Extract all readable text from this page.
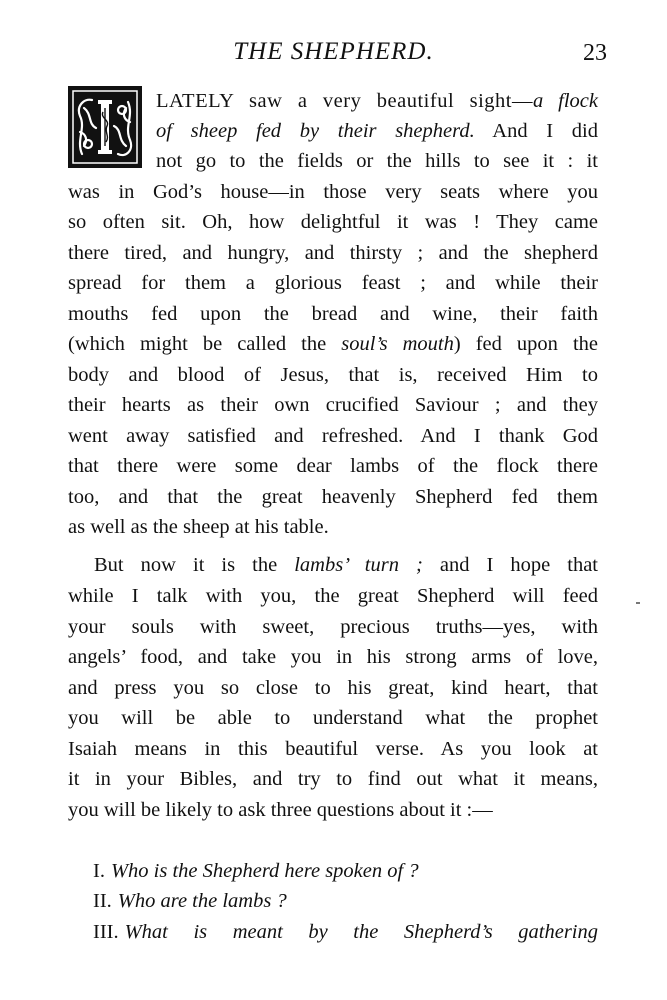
THE SHEPHERD.	23
LATELY saw a very beautiful sight—a flock
of sheep fed by their shepherd. And I did
not go to the fields or the hills to see it : it
was in God’s house—in those very seats where you
so often sit. Oh, how delightful it was ! They came
there tired, and hungry, and thirsty ; and the shepherd
spread for them a glorious feast ; and while their
mouths fed upon the bread and wine, their faith
(which might be called the soul’s mouth) fed upon the
body and blood of Jesus, that is, received Him to
their hearts as their own crucified Saviour ; and they
went away satisfied and refreshed. And I thank God
that there were some dear lambs of the flock there
too, and that the great heavenly Shepherd fed them
as well as the sheep at his table.
But now it is the lambs’ turn ; and I hope that
while I talk with you, the great Shepherd will feed
your souls with sweet, precious truths—yes, with
angels’ food, and take you in his strong arms of love,
and press you so close to his great, kind heart, that
you will be able to understand what the prophet
Isaiah means in this beautiful verse. As you look at
it in your Bibles, and try to find out what it means,
you will be likely to ask three questions about it :—
I. Who is the Shepherd here spoken of ?
II. Who are the lambs ?
III. What is meant by the Shepherd’s gathering
